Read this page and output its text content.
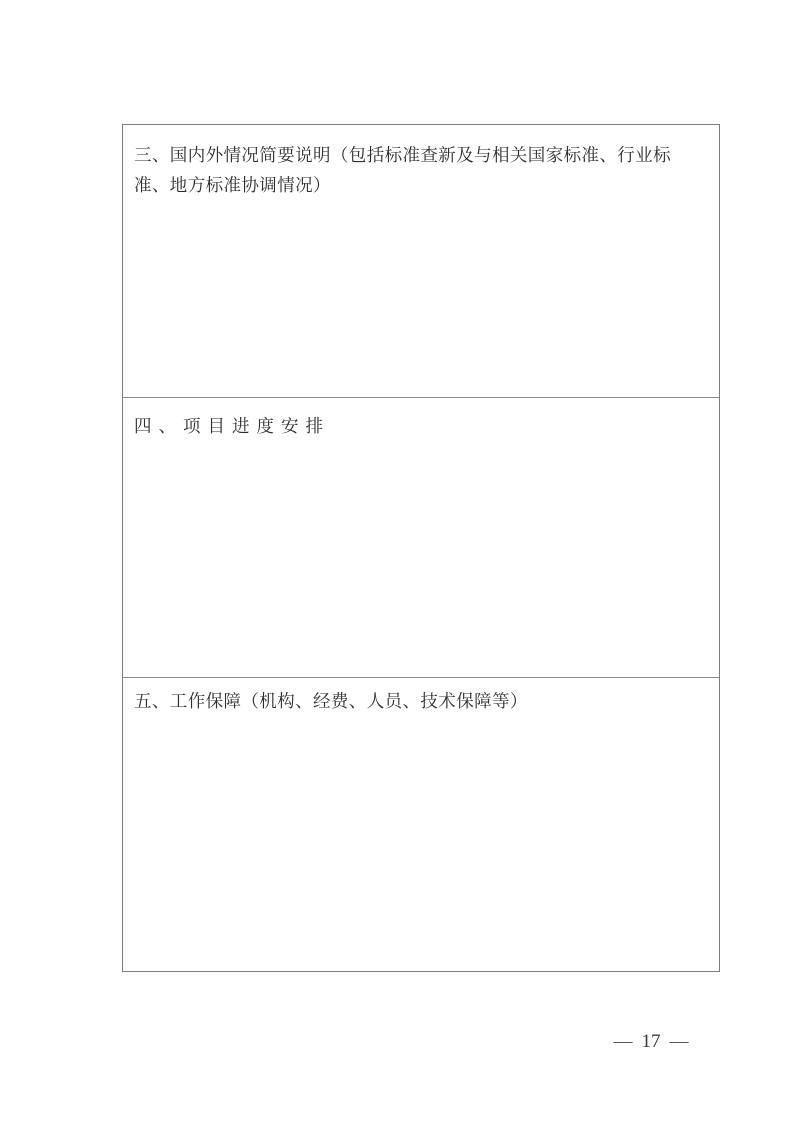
三、国内外情况简要说明（包括标准查新及与相关国家标准、行业标准、地方标准协调情况）
四、项目进度安排
五、工作保障（机构、经费、人员、技术保障等）
— 17 —
